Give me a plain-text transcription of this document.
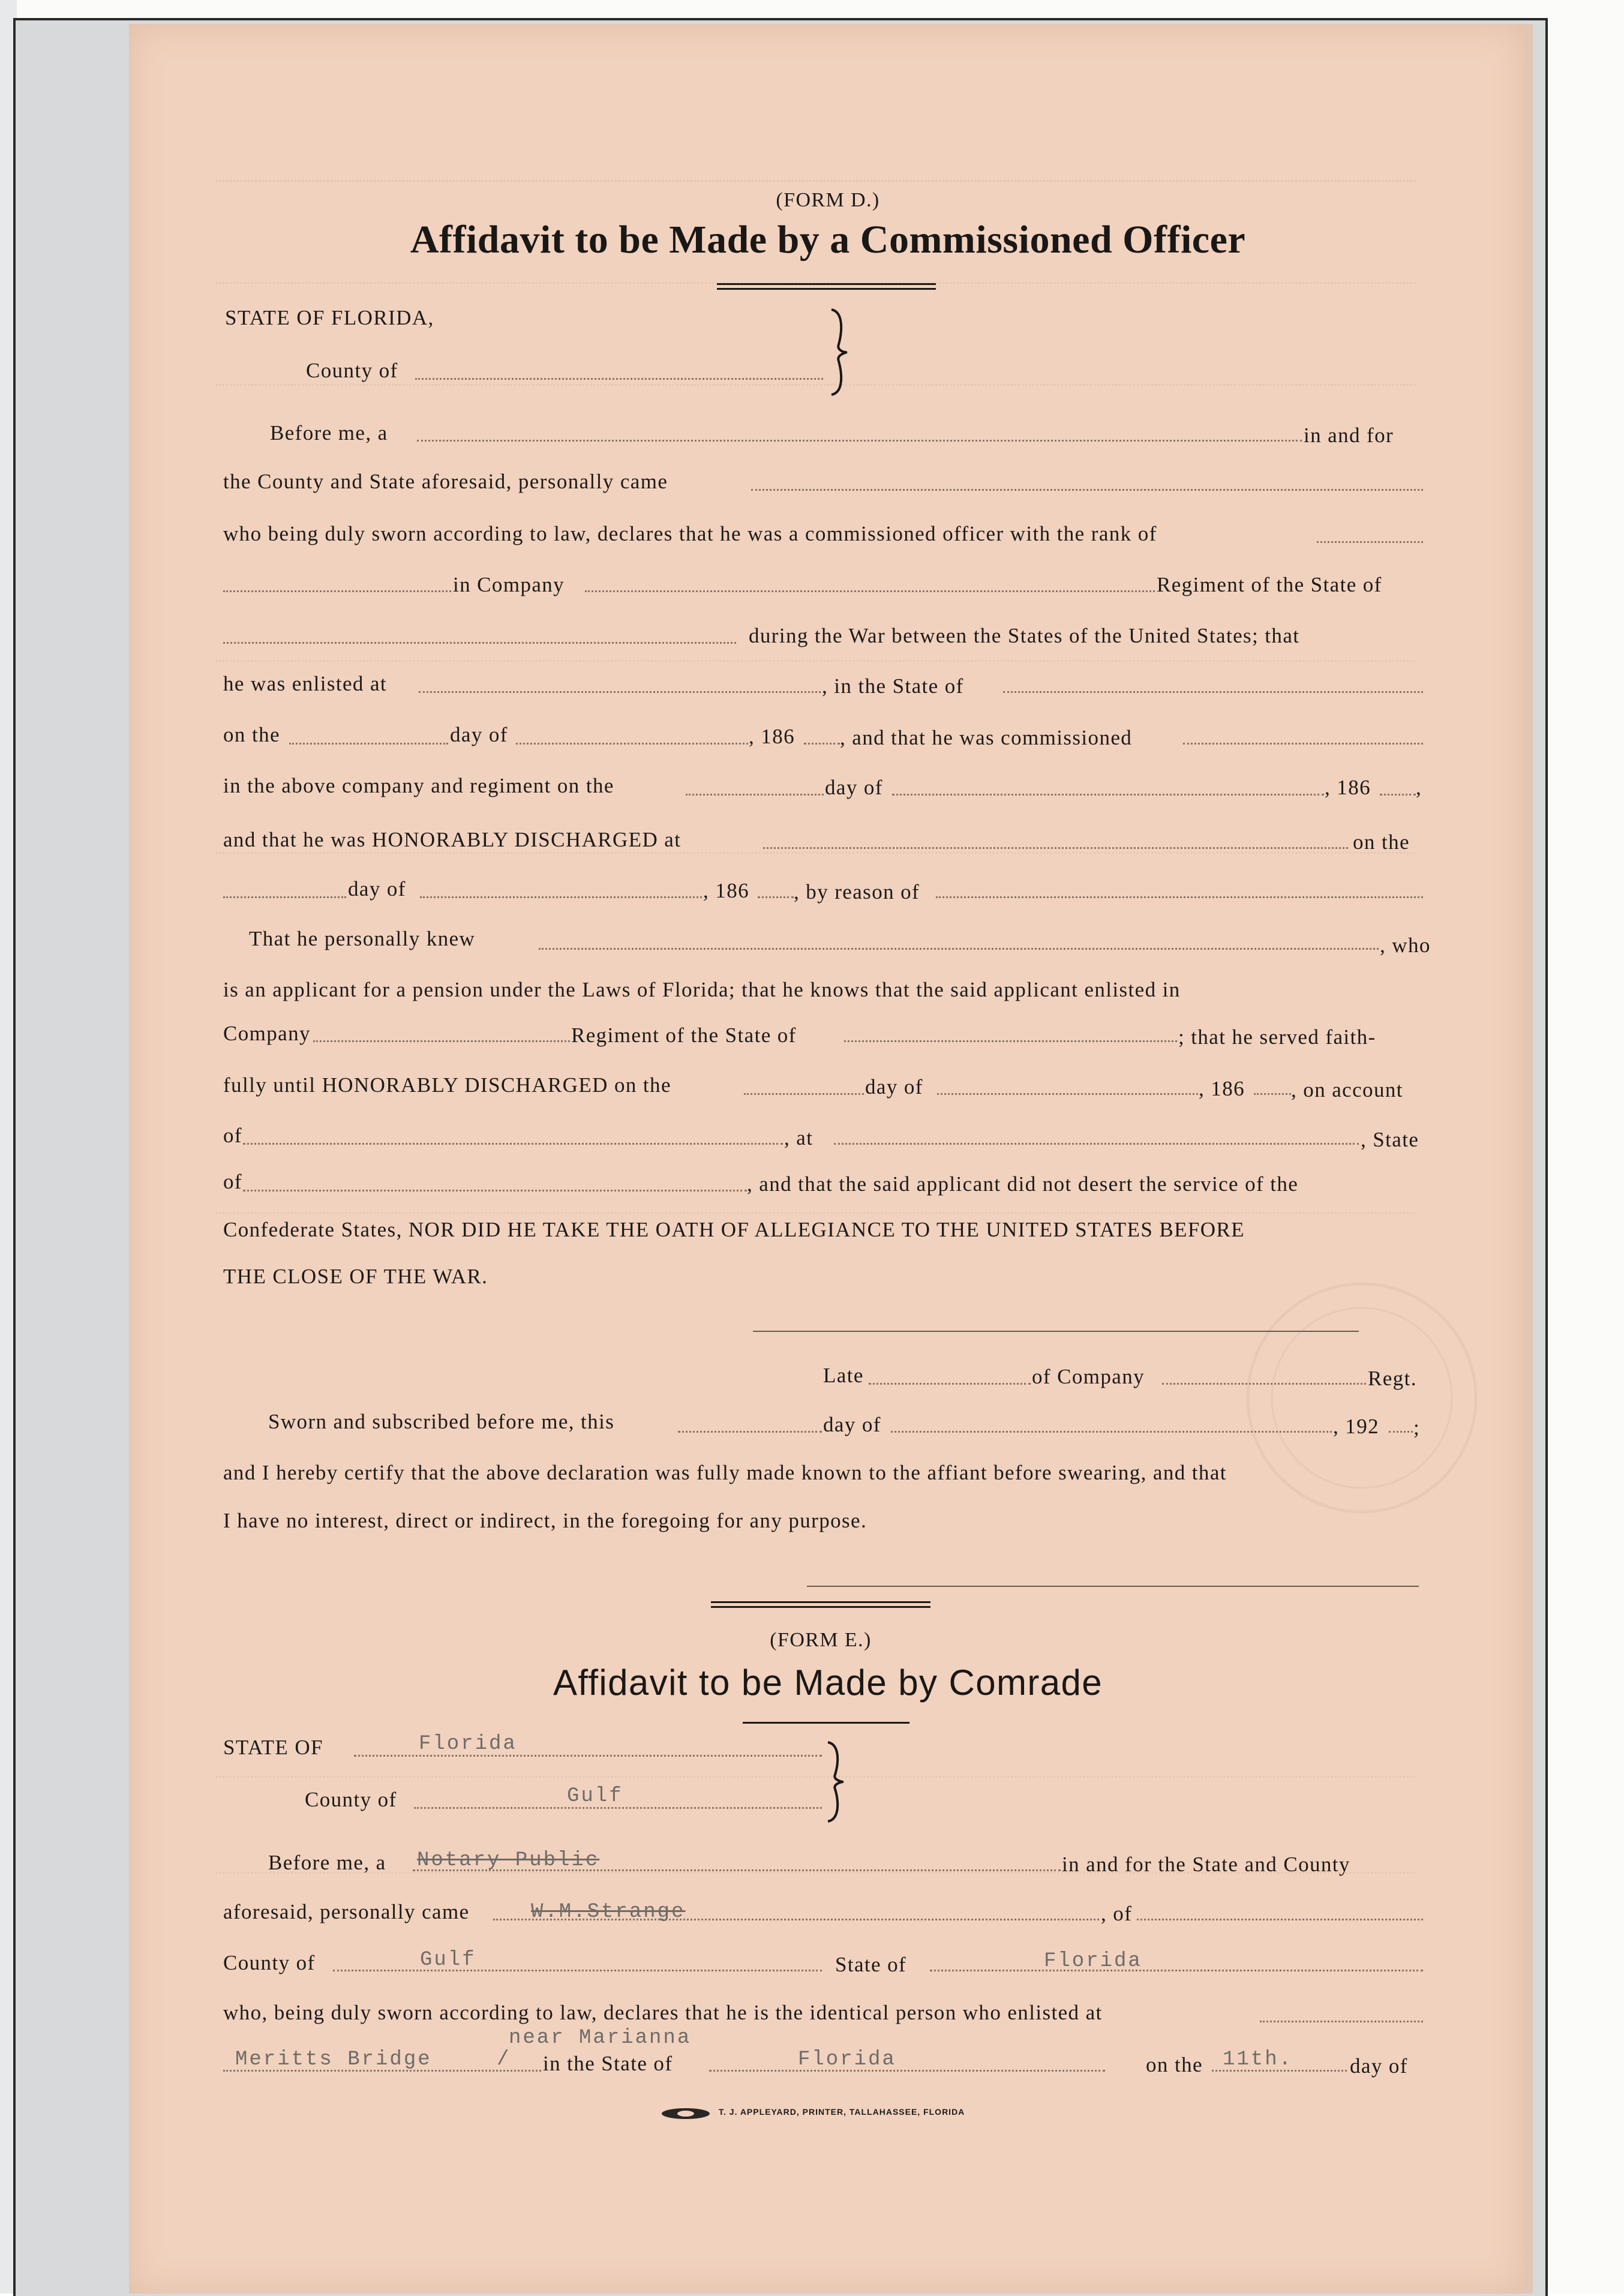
(FORM D.)
Affidavit to be Made by a Commissioned Officer
STATE OF FLORIDA,
County of
Before me, a	in and for
the County and State aforesaid, personally came
who being duly sworn according to law, declares that he was a commissioned officer with the rank of
in Company	Regiment of the State of
during the War between the States of the United States; that
he was enlisted at	, in the State of
on the	day of	, 186 , and that he was commissioned
in the above company and regiment on the	day of	, 186 ,
and that he was HONORABLY DISCHARGED at	on the
day of	, 186 , by reason of
That he personally knew	, who
is an applicant for a pension under the Laws of Florida; that he knows that the said applicant enlisted in
Company	Regiment of the State of	; that he served faith-
fully until HONORABLY DISCHARGED on the	day of	, 186 , on account
of	, at	, State
of	, and that the said applicant did not desert the service of the
Confederate States, NOR DID HE TAKE THE OATH OF ALLEGIANCE TO THE UNITED STATES BEFORE
THE CLOSE OF THE WAR.
Late	of Company	Regt.
Sworn and subscribed before me, this	day of	, 192 ;
and I hereby certify that the above declaration was fully made known to the affiant before swearing, and that
I have no interest, direct or indirect, in the foregoing for any purpose.
(FORM E.)
Affidavit to be Made by Comrade
STATE OF	Florida
County of	Gulf
Before me, a Notary Public	in and for the State and County
aforesaid, personally came	W.M.Strange	, of
County of	Gulf	State of	Florida
who, being duly sworn according to law, declares that he is the identical person who enlisted at
near Marianna
Meritts Bridge	/ in the State of	Florida	on the 11th.	day of
T. J. APPLEYARD, PRINTER, TALLAHASSEE, FLORIDA
